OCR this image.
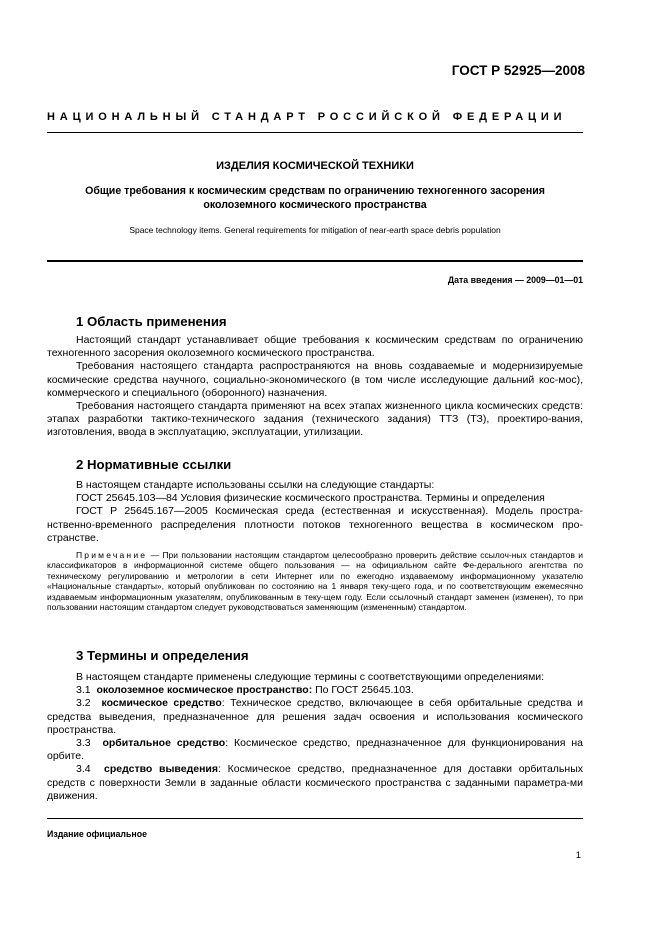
ГОСТ Р 52925—2008
НАЦИОНАЛЬНЫЙ СТАНДАРТ РОССИЙСКОЙ ФЕДЕРАЦИИ
ИЗДЕЛИЯ КОСМИЧЕСКОЙ ТЕХНИКИ
Общие требования к космическим средствам по ограничению техногенного засорения
околоземного космического пространства
Space technology items. General requirements for mitigation of near-earth space debris population
Дата введения — 2009—01—01
1 Область применения

Настоящий стандарт устанавливает общие требования к космическим средствам по ограничению техногенного засорения околоземного космического пространства.

Требования настоящего стандарта распространяются на вновь создаваемые и модернизируемые космические средства научного, социально-экономического (в том числе исследующие дальний кос-мос), коммерческого и специального (оборонного) назначения.

Требования настоящего стандарта применяют на всех этапах жизненного цикла космических средств: этапах разработки тактико-технического задания (технического задания) ТТЗ (ТЗ), проектиро-вания, изготовления, ввода в эксплуатацию, эксплуатации, утилизации.

2 Нормативные ссылки

В настоящем стандарте использованы ссылки на следующие стандарты:

ГОСТ 25645.103—84 Условия физические космического пространства. Термины и определения

ГОСТ Р 25645.167—2005 Космическая среда (естественная и искусственная). Модель простра-нственно-временного распределения плотности потоков техногенного вещества в космическом про-странстве.

Примечание — При пользовании настоящим стандартом целесообразно проверить действие ссылоч-ных стандартов и классификаторов в информационной системе общего пользования — на официальном сайте Фе-дерального агентства по техническому регулированию и метрологии в сети Интернет или по ежегодно издаваемому информационному указателю «Национальные стандарты», который опубликован по состоянию на 1 января теку-щего года, и по соответствующим ежемесячно издаваемым информационным указателям, опубликованным в теку-щем году. Если ссылочный стандарт заменен (изменен), то при пользовании настоящим стандартом следует руководствоваться заменяющим (измененным) стандартом.

3 Термины и определения

В настоящем стандарте применены следующие термины с соответствующими определениями:

3.1 околоземное космическое пространство: По ГОСТ 25645.103.

3.2 космическое средство: Техническое средство, включающее в себя орбитальные средства и средства выведения, предназначенное для решения задач освоения и использования космического пространства.

3.3 орбитальное средство: Космическое средство, предназначенное для функционирования на орбите.

3.4 средство выведения: Космическое средство, предназначенное для доставки орбитальных средств с поверхности Земли в заданные области космического пространства с заданными параметра-ми движения.

Издание официальное
1
